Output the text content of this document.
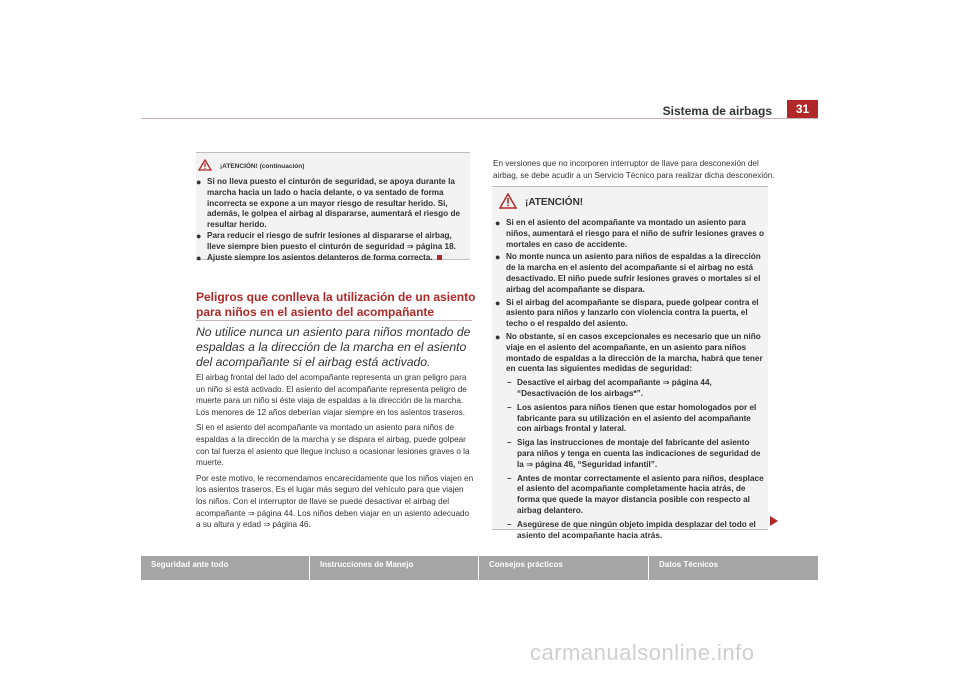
Sistema de airbags	31
¡ATENCIÓN! (continuación)
● Si no lleva puesto el cinturón de seguridad, se apoya durante la marcha hacia un lado o hacia delante, o va sentado de forma incorrecta se expone a un mayor riesgo de resultar herido. Si, además, le golpea el airbag al dispararse, aumentará el riesgo de resultar herido.
● Para reducir el riesgo de sufrir lesiones al dispararse el airbag, lleve siempre bien puesto el cinturón de seguridad ⇒ página 18.
● Ajuste siempre los asientos delanteros de forma correcta.
Peligros que conlleva la utilización de un asiento para niños en el asiento del acompañante
No utilice nunca un asiento para niños montado de espaldas a la dirección de la marcha en el asiento del acompañante si el airbag está activado.

El airbag frontal del lado del acompañante representa un gran peligro para un niño si está activado. El asiento del acompañante representa peligro de muerte para un niño si éste viaja de espaldas a la dirección de la marcha. Los menores de 12 años deberían viajar siempre en los asientos traseros.

Si en el asiento del acompañante va montado un asiento para niños de espaldas a la dirección de la marcha y se dispara el airbag, puede golpear con tal fuerza el asiento que llegue incluso a ocasionar lesiones graves o la muerte.

Por este motivo, le recomendamos encarecidamente que los niños viajen en los asientos traseros. Es el lugar más seguro del vehículo para que viajen los niños. Con el interruptor de llave se puede desactivar el airbag del acompañante ⇒ página 44. Los niños deben viajar en un asiento adecuado a su altura y edad ⇒ página 46.

En versiones que no incorporen interruptor de llave para desconexión del airbag, se debe acudir a un Servicio Técnico para realizar dicha desconexión.

¡ATENCIÓN!
● Si en el asiento del acompañante va montado un asiento para niños, aumentará el riesgo para el niño de sufrir lesiones graves o mortales en caso de accidente.
● No monte nunca un asiento para niños de espaldas a la dirección de la marcha en el asiento del acompañante si el airbag no está desactivado. El niño puede sufrir lesiones graves o mortales si el airbag del acompañante se dispara.
● Si el airbag del acompañante se dispara, puede golpear contra el asiento para niños y lanzarlo con violencia contra la puerta, el techo o el respaldo del asiento.
● No obstante, si en casos excepcionales es necesario que un niño viaje en el asiento del acompañante, en un asiento para niños montado de espaldas a la dirección de la marcha, habrá que tener en cuenta las siguientes medidas de seguridad:
– Desactive el airbag del acompañante ⇒ página 44, “Desactivación de los airbags*”.
– Los asientos para niños tienen que estar homologados por el fabricante para su utilización en el asiento del acompañante con airbags frontal y lateral.
– Siga las instrucciones de montaje del fabricante del asiento para niños y tenga en cuenta las indicaciones de seguridad de la ⇒ página 46, “Seguridad infantil”.
– Antes de montar correctamente el asiento para niños, desplace el asiento del acompañante completamente hacia atrás, de forma que quede la mayor distancia posible con respecto al airbag delantero.
– Asegúrese de que ningún objeto impida desplazar del todo el asiento del acompañante hacia atrás.
Seguridad ante todo	Instrucciones de Manejo	Consejos prácticos	Datos Técnicos
carmanualsonline.info
